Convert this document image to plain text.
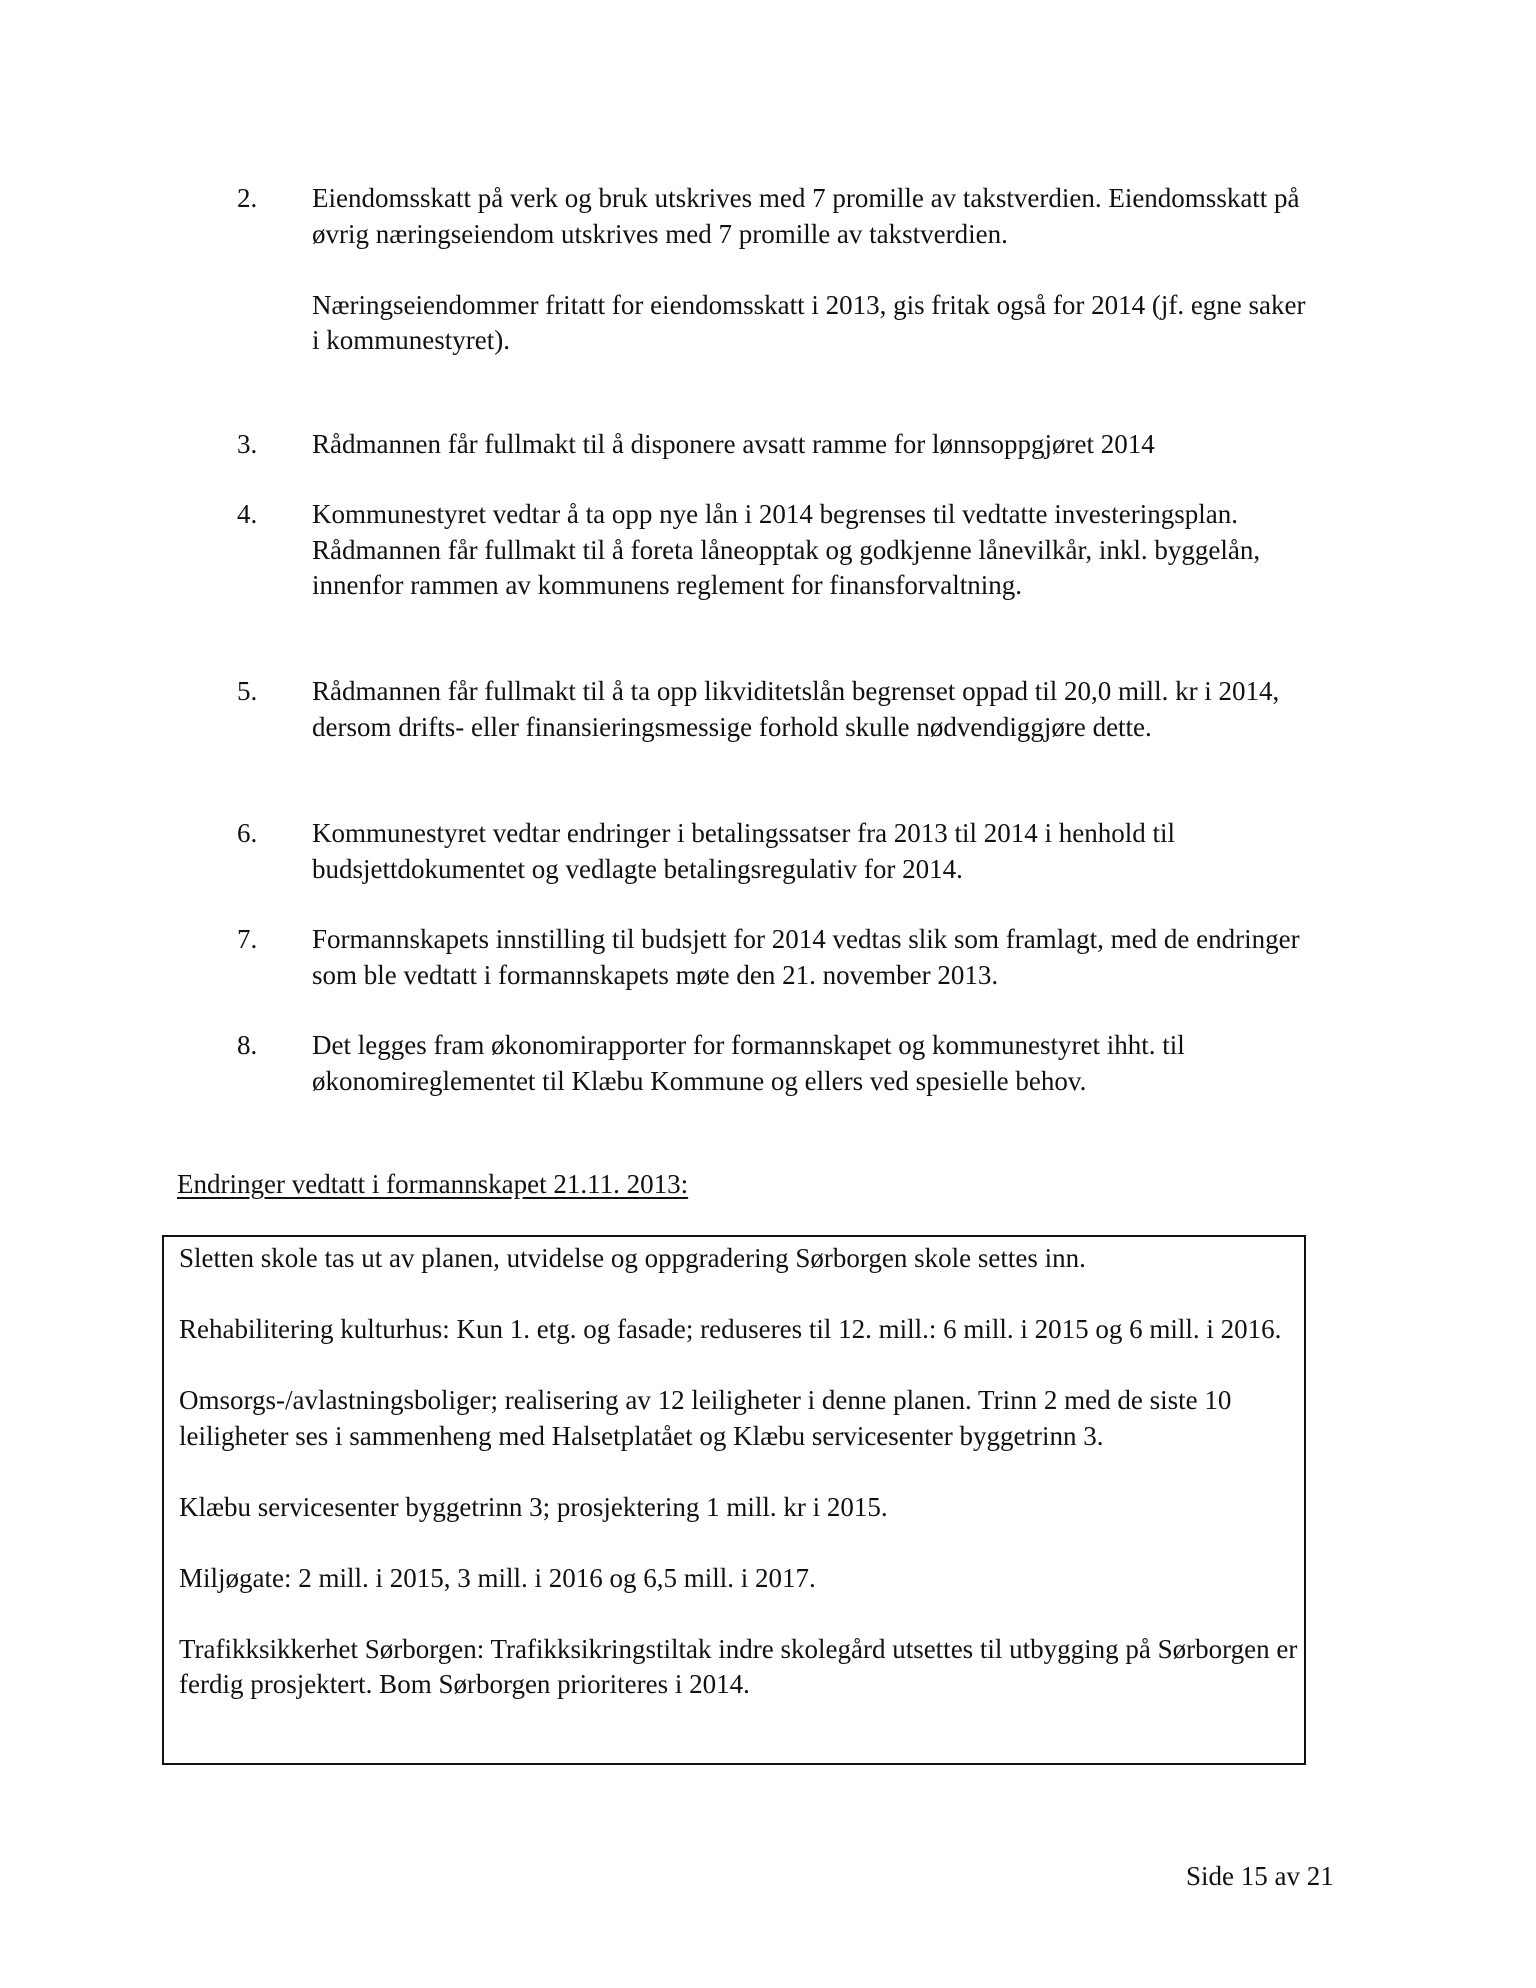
2.	Eiendomsskatt på verk og bruk utskrives med 7 promille av takstverdien. Eiendomsskatt på øvrig næringseiendom utskrives med 7 promille av takstverdien.

Næringseiendommer fritatt for eiendomsskatt i 2013, gis fritak også for 2014 (jf. egne saker i kommunestyret).

3.	Rådmannen får fullmakt til å disponere avsatt ramme for lønnsoppgjøret 2014

4.	Kommunestyret vedtar å ta opp nye lån i 2014 begrenses til vedtatte investeringsplan. Rådmannen får fullmakt til å foreta låneopptak og godkjenne lånevilkår, inkl. byggelån, innenfor rammen av kommunens reglement for finansforvaltning.

5.	Rådmannen får fullmakt til å ta opp likviditetslån begrenset oppad til 20,0 mill. kr i 2014, dersom drifts- eller finansieringsmessige forhold skulle nødvendiggjøre dette.

6.	Kommunestyret vedtar endringer i betalingssatser fra 2013 til 2014 i henhold til budsjettdokumentet og vedlagte betalingsregulativ for 2014.

7.	Formannskapets innstilling til budsjett for 2014 vedtas slik som framlagt, med de endringer som ble vedtatt i formannskapets møte den 21. november 2013.

8.	Det legges fram økonomirapporter for formannskapet og kommunestyret ihht. til økonomireglementet til Klæbu Kommune og ellers ved spesielle behov.

Endringer vedtatt i formannskapet 21.11. 2013:

Sletten skole tas ut av planen, utvidelse og oppgradering Sørborgen skole settes inn.

Rehabilitering kulturhus: Kun 1. etg. og fasade; reduseres til 12. mill.: 6 mill. i 2015 og 6 mill. i 2016.

Omsorgs-/avlastningsboliger; realisering av 12 leiligheter i denne planen. Trinn 2 med de siste 10 leiligheter ses i sammenheng med Halsetplatået og Klæbu servicesenter byggetrinn 3.

Klæbu servicesenter byggetrinn 3; prosjektering 1 mill. kr i 2015.

Miljøgate: 2 mill. i 2015, 3 mill. i 2016 og 6,5 mill. i 2017.

Trafikksikkerhet Sørborgen: Trafikksikringstiltak indre skolegård utsettes til utbygging på Sørborgen er ferdig prosjektert. Bom Sørborgen prioriteres i 2014.

Side 15 av 21
